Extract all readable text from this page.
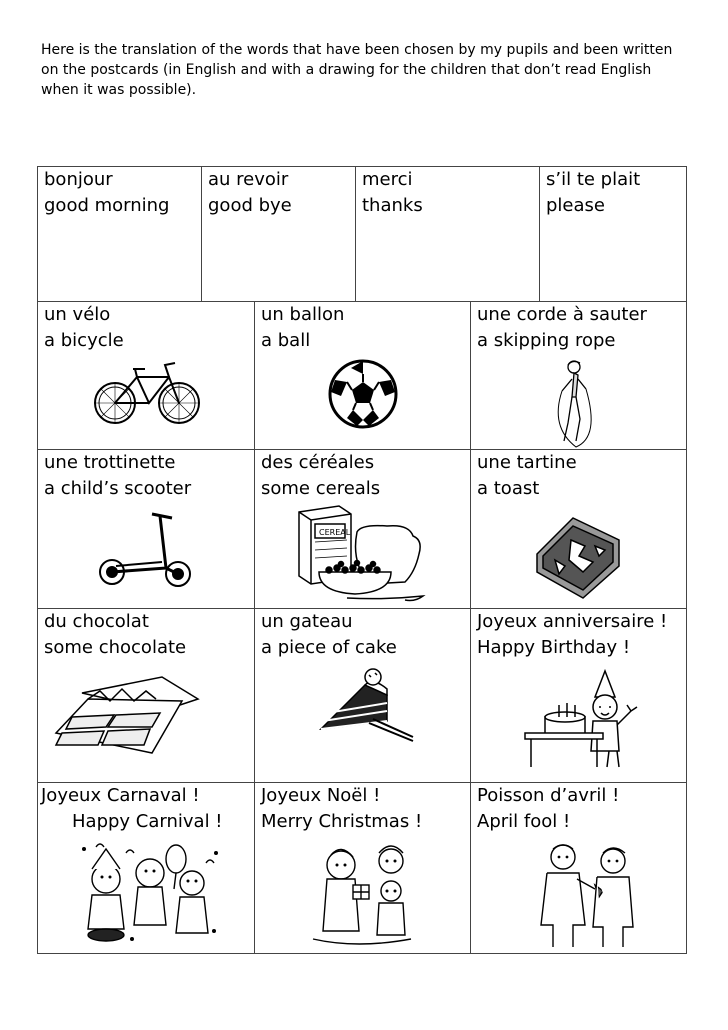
Here is the translation of the words that have been chosen by my pupils and been written
on the postcards (in English and with a drawing for the children that don’t read English
when it was possible).
bonjour
good morning
au revoir
good bye
merci
thanks
s’il te plait
please
un vélo
a bicycle
un ballon
a ball
une corde à sauter
a skipping rope
une trottinette
a child’s scooter
des céréales
some cereals
CEREAL
une tartine
a toast
du chocolat
some chocolate
un gateau
a piece of cake
Joyeux anniversaire !
Happy Birthday !
Joyeux Carnaval !
Happy Carnival !
Joyeux Noël !
Merry Christmas !
Poisson d’avril !
April fool !
